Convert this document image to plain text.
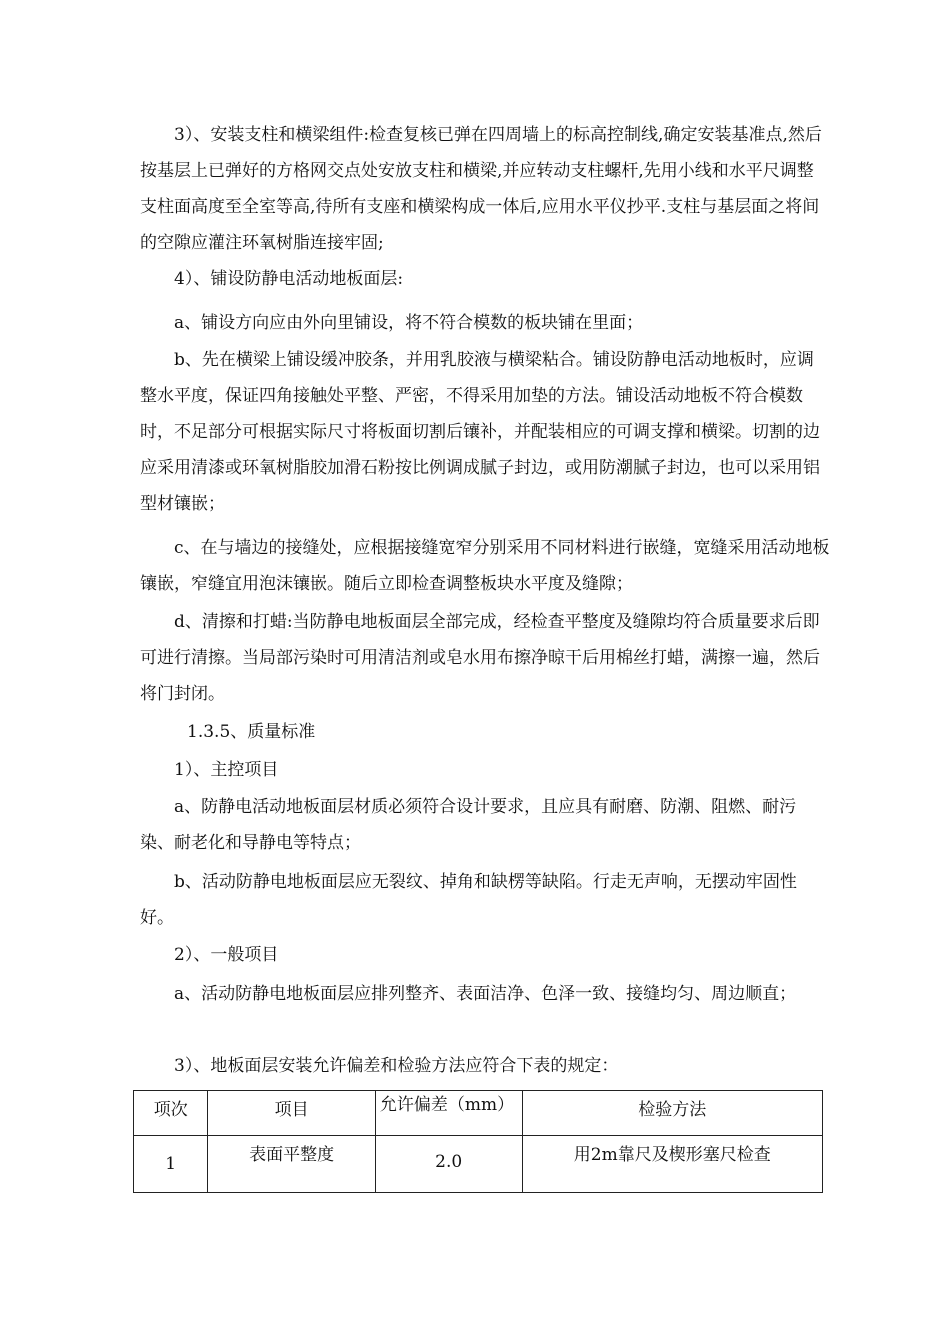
3）、安装支柱和横梁组件:检查复核已弹在四周墙上的标高控制线,确定安装基准点,然后按基层上已弹好的方格网交点处安放支柱和横梁,并应转动支柱螺杆,先用小线和水平尺调整支柱面高度至全室等高,待所有支座和横梁构成一体后,应用水平仪抄平.支柱与基层面之将间的空隙应灌注环氧树脂连接牢固;

4）、铺设防静电活动地板面层:

a、铺设方向应由外向里铺设，将不符合模数的板块铺在里面；

b、先在横梁上铺设缓冲胶条，并用乳胶液与横梁粘合。铺设防静电活动地板时，应调整水平度，保证四角接触处平整、严密，不得采用加垫的方法。铺设活动地板不符合模数时，不足部分可根据实际尺寸将板面切割后镶补，并配装相应的可调支撑和横梁。切割的边应采用清漆或环氧树脂胶加滑石粉按比例调成腻子封边，或用防潮腻子封边，也可以采用铝型材镶嵌；

c、在与墙边的接缝处，应根据接缝宽窄分别采用不同材料进行嵌缝，宽缝采用活动地板镶嵌，窄缝宜用泡沫镶嵌。随后立即检查调整板块水平度及缝隙；

d、清擦和打蜡:当防静电地板面层全部完成，经检查平整度及缝隙均符合质量要求后即可进行清擦。当局部污染时可用清洁剂或皂水用布擦净晾干后用棉丝打蜡，满擦一遍，然后将门封闭。

1.3.5、质量标准

1）、主控项目

a、防静电活动地板面层材质必须符合设计要求，且应具有耐磨、防潮、阻燃、耐污染、耐老化和导静电等特点；

b、活动防静电地板面层应无裂纹、掉角和缺楞等缺陷。行走无声响，无摆动牢固性好。

2）、一般项目

a、活动防静电地板面层应排列整齐、表面洁净、色泽一致、接缝均匀、周边顺直；

3）、地板面层安装允许偏差和检验方法应符合下表的规定：

项次	项目	允许偏差（mm）	检验方法
1	表面平整度	2.0	用2m靠尺及楔形塞尺检查
